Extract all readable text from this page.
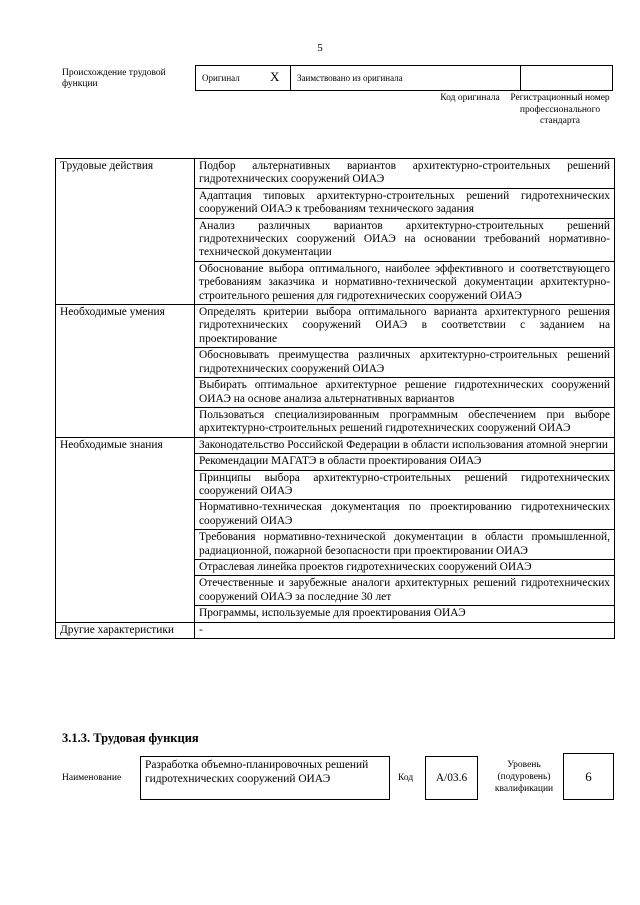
5
Происхождение трудовой функции
Оригинал X Заимствовано из оригинала
Код оригинала Регистрационный номер профессионального стандарта
Трудовые действия	Подбор альтернативных вариантов архитектурно-строительных решений гидротехнических сооружений ОИАЭ
	Адаптация типовых архитектурно-строительных решений гидротехнических сооружений ОИАЭ к требованиям технического задания
	Анализ различных вариантов архитектурно-строительных решений гидротехнических сооружений ОИАЭ на основании требований нормативно-технической документации
	Обоснование выбора оптимального, наиболее эффективного и соответствующего требованиям заказчика и нормативно-технической документации архитектурно-строительного решения для гидротехнических сооружений ОИАЭ
Необходимые умения	Определять критерии выбора оптимального варианта архитектурного решения гидротехнических сооружений ОИАЭ в соответствии с заданием на проектирование
	Обосновывать преимущества различных архитектурно-строительных решений гидротехнических сооружений ОИАЭ
	Выбирать оптимальное архитектурное решение гидротехнических сооружений ОИАЭ на основе анализа альтернативных вариантов
	Пользоваться специализированным программным обеспечением при выборе архитектурно-строительных решений гидротехнических сооружений ОИАЭ
Необходимые знания	Законодательство Российской Федерации в области использования атомной энергии
	Рекомендации МАГАТЭ в области проектирования ОИАЭ
	Принципы выбора архитектурно-строительных решений гидротехнических сооружений ОИАЭ
	Нормативно-техническая документация по проектированию гидротехнических сооружений ОИАЭ
	Требования нормативно-технической документации в области промышленной, радиационной, пожарной безопасности при проектировании ОИАЭ
	Отраслевая линейка проектов гидротехнических сооружений ОИАЭ
	Отечественные и зарубежные аналоги архитектурных решений гидротехнических сооружений ОИАЭ за последние 30 лет
	Программы, используемые для проектирования ОИАЭ
Другие характеристики	-
3.1.3. Трудовая функция
Наименование
Разработка объемно-планировочных решений гидротехнических сооружений ОИАЭ	Код	А/03.6
Уровень (подуровень) квалификации
6
